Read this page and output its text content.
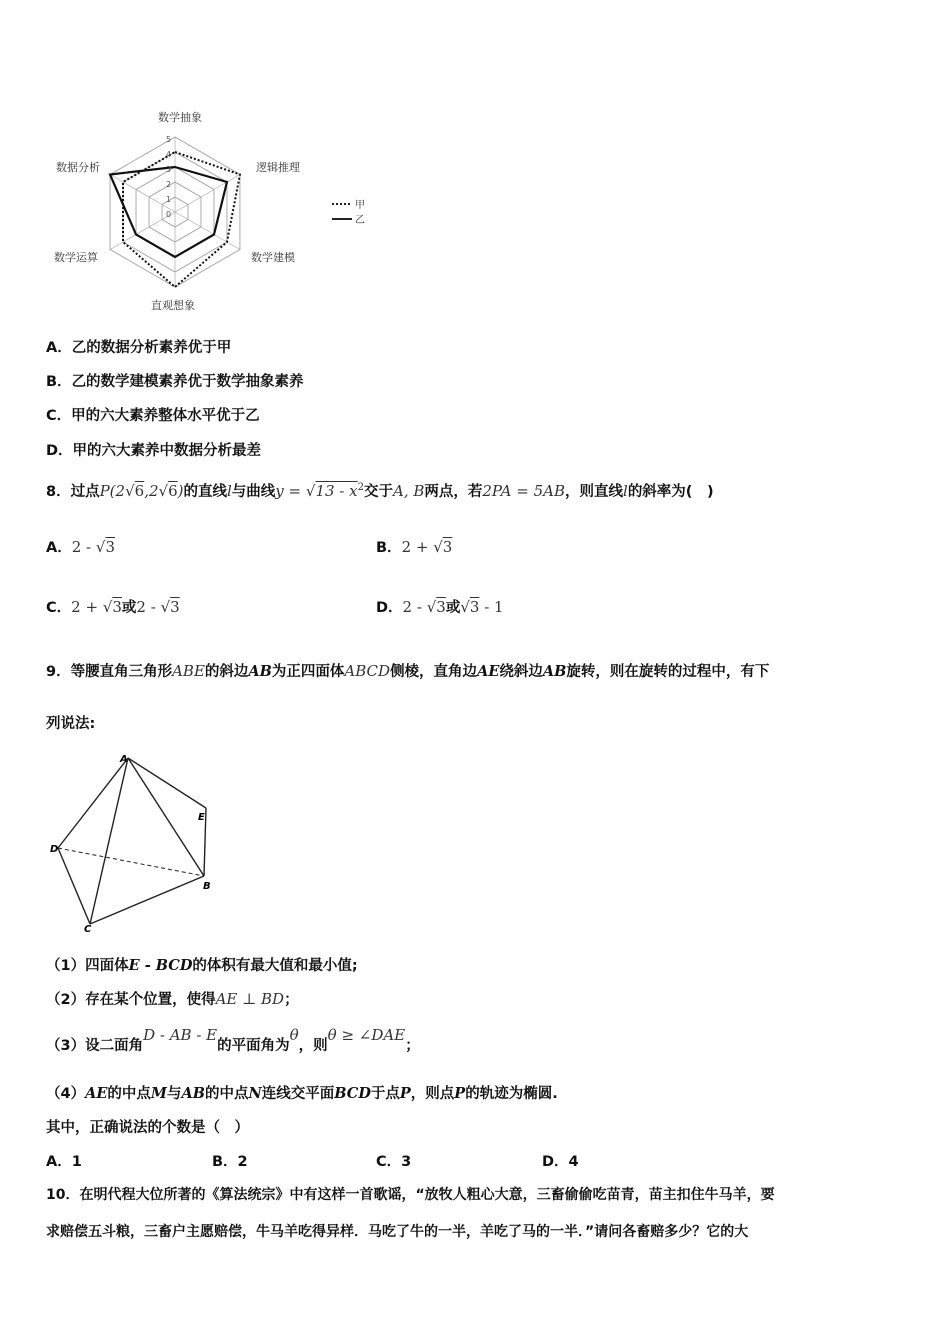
数学抽象
逻辑推理
数学建模
直观想象
数学运算
数据分析
0
1
2
3
4
5
甲
乙
A．乙的数据分析素养优于甲
B．乙的数学建模素养优于数学抽象素养
C．甲的六大素养整体水平优于乙
D．甲的六大素养中数据分析最差
8．过点P(2√6,2√6)的直线l与曲线$y = √13 - x^2$交于A, B两点，若2PA = 5AB，则直线l的斜率为(　)
A．2 - √3	B．2 + √3
C．2 + √3或2 - √3	D．2 - √3或√3 - 1
9．等腰直角三角形ABE的斜边AB为正四面体ABCD侧棱，直角边AE绕斜边AB旋转，则在旋转的过程中，有下
列说法:
A
E
D
B
C
（1）四面体E - BCD的体积有最大值和最小值;
（2）存在某个位置，使得AE ⊥ BD；
（3）设二面角D - AB - E的平面角为θ，则θ ≥ ∠DAE；
（4）AE的中点M与AB的中点N连线交平面BCD于点P，则点P的轨迹为椭圆.
其中，正确说法的个数是（　）
A．1	B．2	C．3	D．4
10．在明代程大位所著的《算法统宗》中有这样一首歌谣，“放牧人粗心大意，三畜偷偷吃苗青，苗主扣住牛马羊，要
求赔偿五斗粮，三畜户主愿赔偿，牛马羊吃得异样．马吃了牛的一半，羊吃了马的一半．”请问各畜赔多少？它的大
